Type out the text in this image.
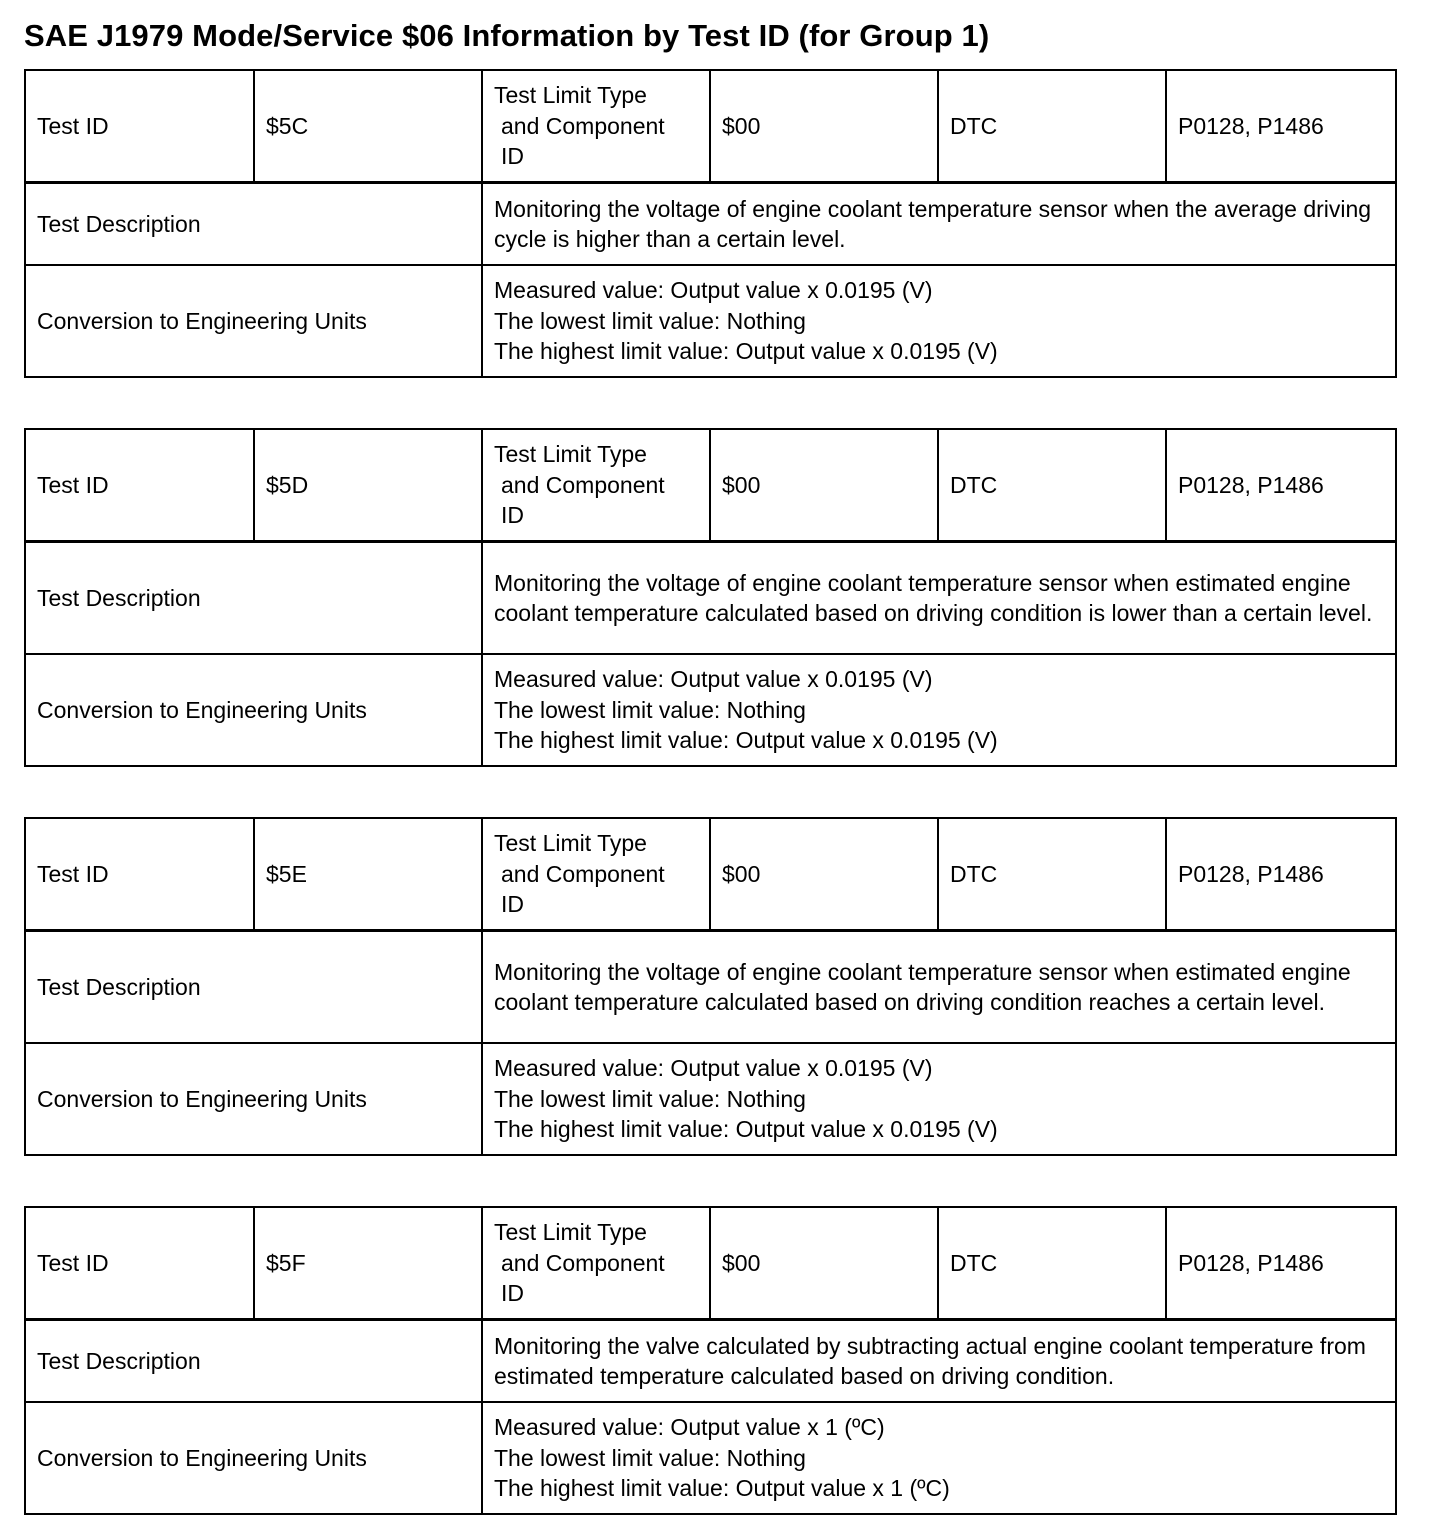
SAE J1979 Mode/Service $06 Information by Test ID (for Group 1)
Test ID	$5C	Test Limit Type
and Component
ID	$00	DTC	P0128, P1486
Test Description		Monitoring the voltage of engine coolant temperature sensor when the average driving cycle is higher than a certain level.			
Conversion to Engineering Units		Measured value: Output value x 0.0195 (V)
The lowest limit value: Nothing
The highest limit value: Output value x 0.0195 (V)			
Test ID	$5D	Test Limit Type
and Component
ID	$00	DTC	P0128, P1486
Test Description		Monitoring the voltage of engine coolant temperature sensor when estimated engine coolant temperature calculated based on driving condition is lower than a certain level.			
Conversion to Engineering Units		Measured value: Output value x 0.0195 (V)
The lowest limit value: Nothing
The highest limit value: Output value x 0.0195 (V)			
Test ID	$5E	Test Limit Type
and Component
ID	$00	DTC	P0128, P1486
Test Description		Monitoring the voltage of engine coolant temperature sensor when estimated engine coolant temperature calculated based on driving condition reaches a certain level.			
Conversion to Engineering Units		Measured value: Output value x 0.0195 (V)
The lowest limit value: Nothing
The highest limit value: Output value x 0.0195 (V)			
Test ID	$5F	Test Limit Type
and Component
ID	$00	DTC	P0128, P1486
Test Description		Monitoring the valve calculated by subtracting actual engine coolant temperature from estimated temperature calculated based on driving condition.			
Conversion to Engineering Units		Measured value: Output value x 1 (ºC)
The lowest limit value: Nothing
The highest limit value: Output value x 1 (ºC)			
